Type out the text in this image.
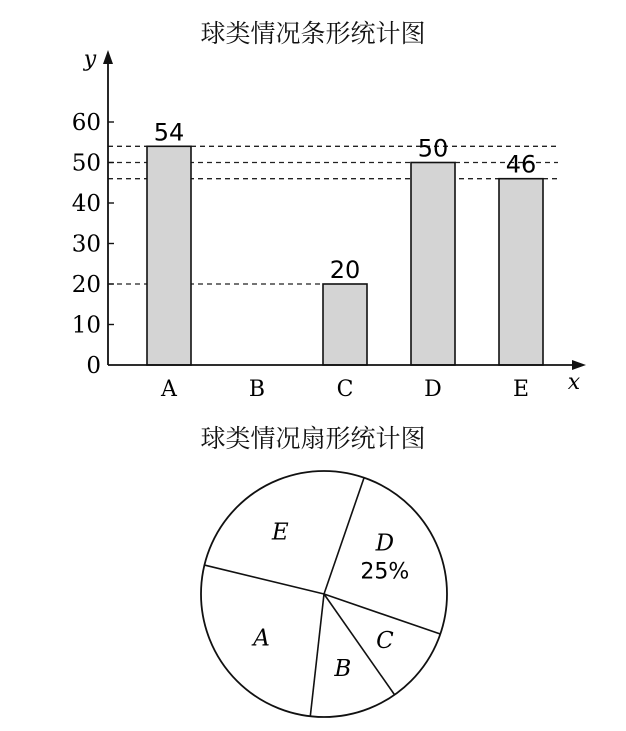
球类情况条形统计图
球类情况扇形统计图
54
20
50
46
y
x
0
10
20
30
40
50
60
A	B	C	D	E
D
25%
C
B
A
E
